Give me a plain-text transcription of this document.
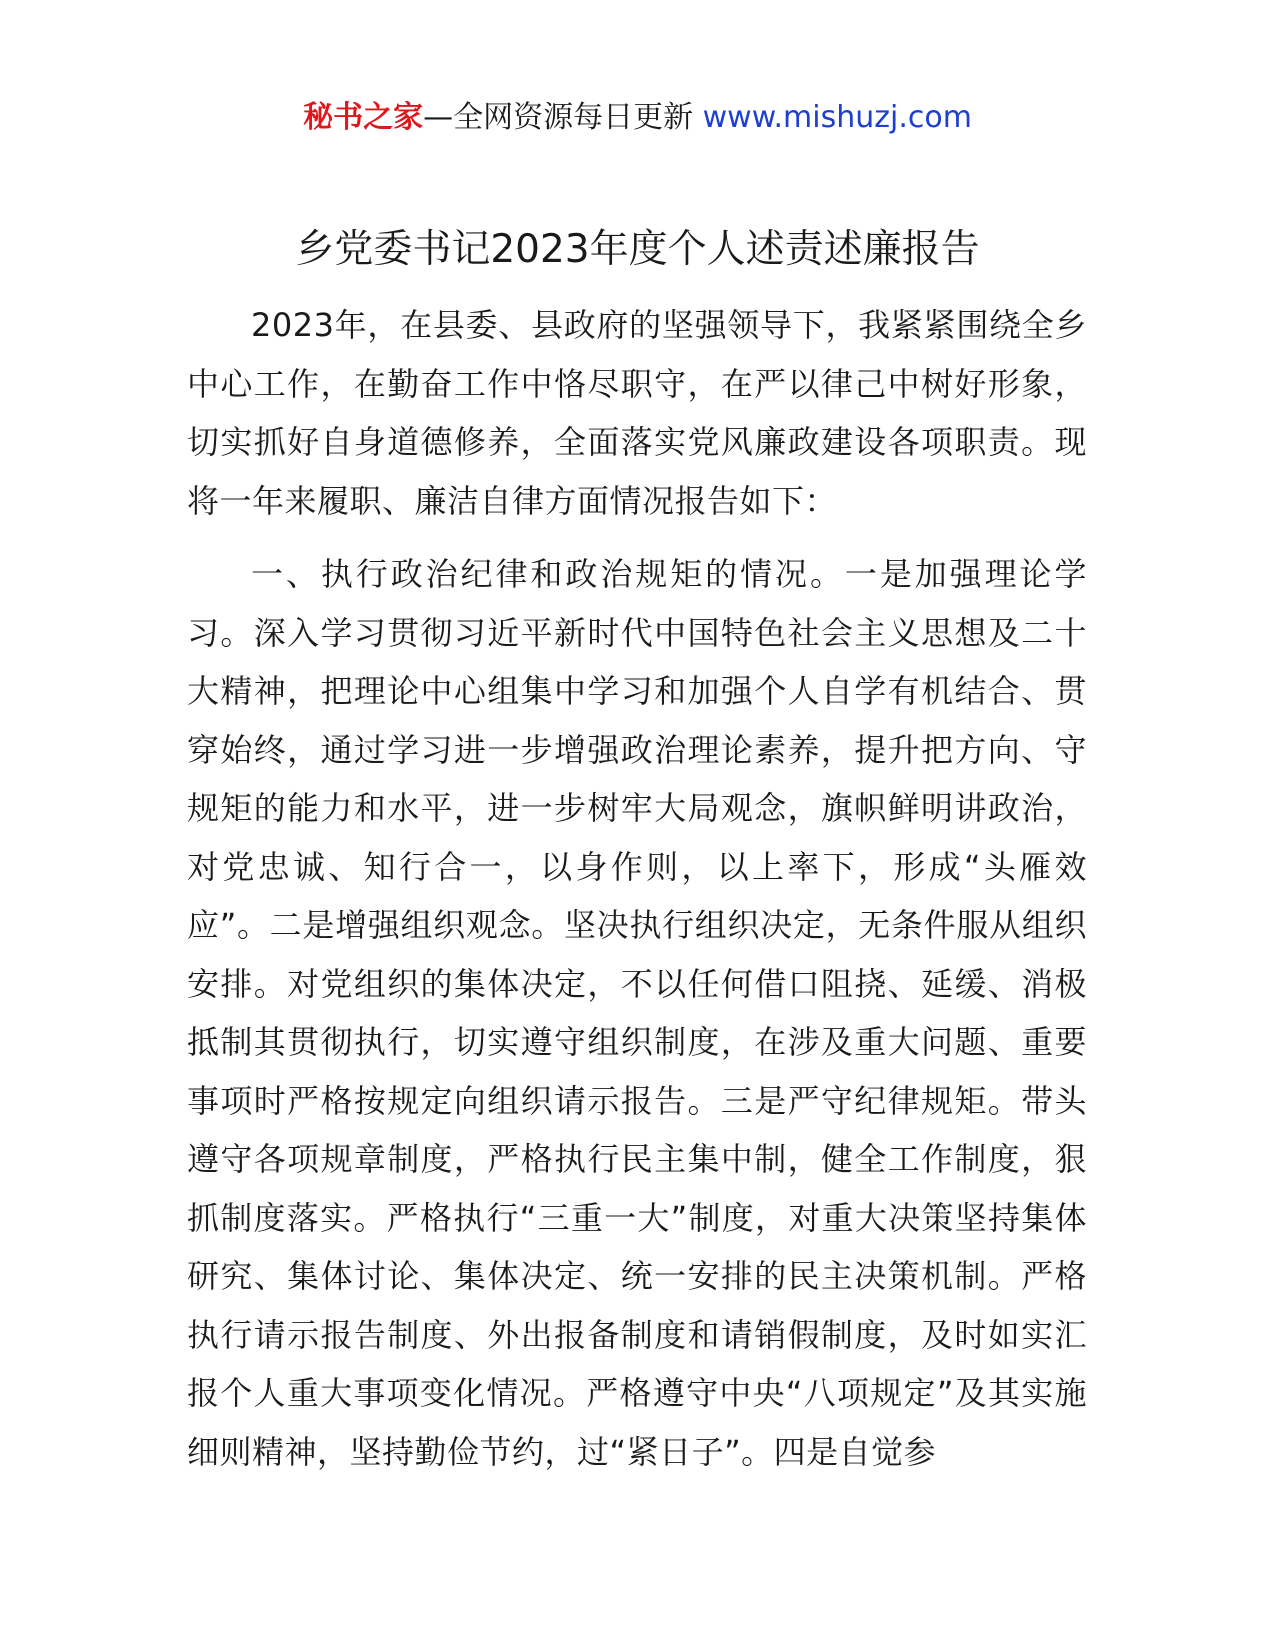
秘书之家—全网资源每日更新 www.mishuzj.com
乡党委书记2023年度个人述责述廉报告

2023年，在县委、县政府的坚强领导下，我紧紧围绕全乡中心工作，在勤奋工作中恪尽职守，在严以律己中树好形象，切实抓好自身道德修养，全面落实党风廉政建设各项职责。现将一年来履职、廉洁自律方面情况报告如下：

一、执行政治纪律和政治规矩的情况。一是加强理论学习。深入学习贯彻习近平新时代中国特色社会主义思想及二十大精神，把理论中心组集中学习和加强个人自学有机结合、贯穿始终，通过学习进一步增强政治理论素养，提升把方向、守规矩的能力和水平，进一步树牢大局观念，旗帜鲜明讲政治，对党忠诚、知行合一，以身作则，以上率下，形成“头雁效应”。二是增强组织观念。坚决执行组织决定，无条件服从组织安排。对党组织的集体决定，不以任何借口阻挠、延缓、消极抵制其贯彻执行，切实遵守组织制度，在涉及重大问题、重要事项时严格按规定向组织请示报告。三是严守纪律规矩。带头遵守各项规章制度，严格执行民主集中制，健全工作制度，狠抓制度落实。严格执行“三重一大”制度，对重大决策坚持集体研究、集体讨论、集体决定、统一安排的民主决策机制。严格执行请示报告制度、外出报备制度和请销假制度，及时如实汇报个人重大事项变化情况。严格遵守中央“八项规定”及其实施细则精神，坚持勤俭节约，过“紧日子”。四是自觉参
